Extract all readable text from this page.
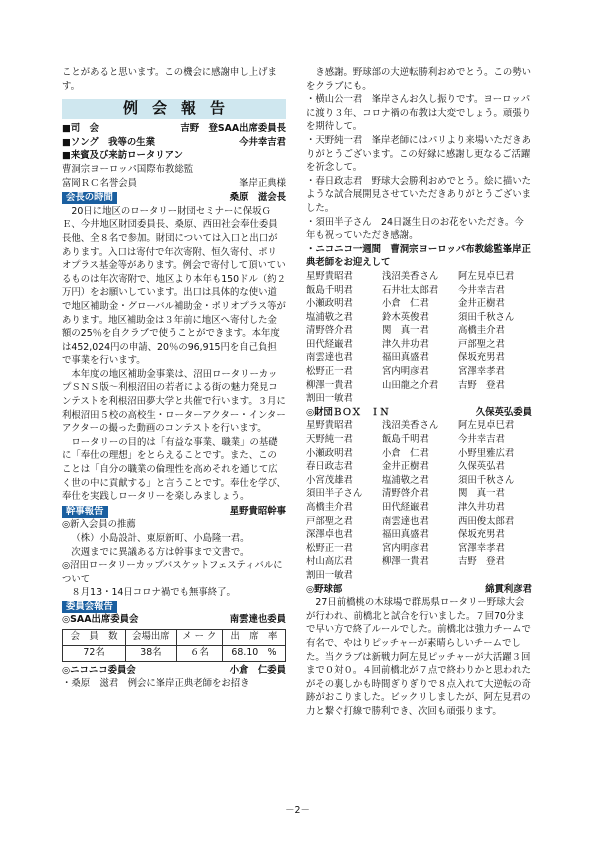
ことがあると思います。この機会に感謝申し上げます。

例会報告
■司　会	吉野　登SAA出席委員長
■ソング　我等の生業	今井幸吉君
■来賓及び来訪ロータリアン
曹洞宗ヨーロッパ国際布教総監
富岡ＲＣ名誉会員	峯岸正典様
会長の時間	桑原　滋会長

20日に地区のロータリー財団セミナーに保坂ＧＥ、今井地区財団委員長、桑原、西田社会奉仕委員長他、全８名で参加。財団については入口と出口があります。入口は寄付で年次寄附、恒久寄付、ポリオプラス基金等があります。例会で寄付して頂いているものは年次寄附で、地区より本年も150ドル（約２万円）をお願いしています。出口は具体的な使い道で地区補助金・グローバル補助金・ポリオプラス等があります。地区補助金は３年前に地区へ寄付した金額の25％を自クラブで使うことができます。本年度は452,024円の申請、20％の96,915円を自己負担で事業を行います。

本年度の地区補助金事業は、沼田ロータリーカップＳＮＳ版～利根沼田の若者による街の魅力発見コンテストを利根沼田夢大学と共催で行います。３月に利根沼田５校の高校生・ローターアクター・インターアクターの撮った動画のコンテストを行います。

ロータリーの目的は「有益な事業、職業」の基礎に「奉仕の理想」をとらえることです。また、このことは「自分の職業の倫理性を高めそれを通じて広く世の中に貢献する」と言うことです。奉仕を学び、奉仕を実践しロータリーを楽しみましょう。

幹事報告	星野貴昭幹事

◎新入会員の推薦

（株）小島設計、東原新町、小島隆一君。

次週までに異議ある方は幹事まで文書で。

◎沼田ロータリーカップバスケットフェスティバルについて

８月13・14日コロナ禍でも無事終了。

委員会報告
◎SAA出席委員会	南雲達也委員
会　員　数	会場出席	メ ー ク	出　席　率
72名	38名	６名	68.10　%
◎ニコニコ委員会	小倉　仁委員

・桑原　滋君　例会に峯岸正典老師をお招き

き感謝。野球部の大逆転勝利おめでとう。この勢いをクラブにも。

・横山公一君　峯岸さんお久し振りです。ヨーロッパに渡り３年、コロナ禍の布教は大変でしょう。頑張りを期待して。

・天野純一君　峯岸老師にはパリより来場いただきありがとうございます。この好縁に感謝し更なるご活躍を祈念して。

・春日政志君　野球大会勝利おめでとう。絵に描いたような試合展開見させていただきありがとうございました。

・須田半子さん　24日誕生日のお花をいただき。今年も祝っていただき感謝。

・ニコニコ一週間　曹洞宗ヨーロッパ布教総監峯岸正典老師をお迎えして

星野貴昭君	浅沼美香さん	阿左見卓巳君
飯島千明君	石井壮太郎君	今井幸吉君
小瀬政明君	小倉　仁君	金井正樹君
塩浦敬之君	鈴木英俊君	須田千秋さん
清野啓介君	関　真一君	高橋圭介君
田代経巌君	津久井功君	戸部聖之君
南雲達也君	福田真盛君	保坂充男君
松野正一君	宮内明彦君	宮澤幸孝君
柳澤一貴君	山田龍之介君	吉野　登君
割田一敏君
◎財団ＢＯＸ　ＩＮ	久保英弘委員
星野貴昭君	浅沼美香さん	阿左見卓巳君
天野純一君	飯島千明君	今井幸吉君
小瀬政明君	小倉　仁君	小野里雅広君
春日政志君	金井正樹君	久保英弘君
小宮茂雄君	塩浦敬之君	須田千秋さん
須田半子さん	清野啓介君	関　真一君
高橋圭介君	田代経巌君	津久井功君
戸部聖之君	南雲達也君	西田俊太郎君
深澤卓也君	福田真盛君	保坂充男君
松野正一君	宮内明彦君	宮澤幸孝君
村山高広君	柳澤一貴君	吉野　登君
割田一敏君
◎野球部	綿貫利彦君

27日前橋桃の木球場で群馬県ロータリー野球大会が行われ、前橋北と試合を行いました。７回70分まで早い方で終了ルールでした。前橋北は強力チームで有名で、やはりピッチャーが素晴らしいチームでした。当クラブは新戦力阿左見ピッチャーが大活躍３回まで０対０。４回前橋北が７点で終わりかと思われたがその裏しかも時間ぎりぎりで８点入れて大逆転の奇跡がおこりました。ビックリしましたが、阿左見君の力と繋ぐ打線で勝利でき、次回も頑張ります。

－2－
